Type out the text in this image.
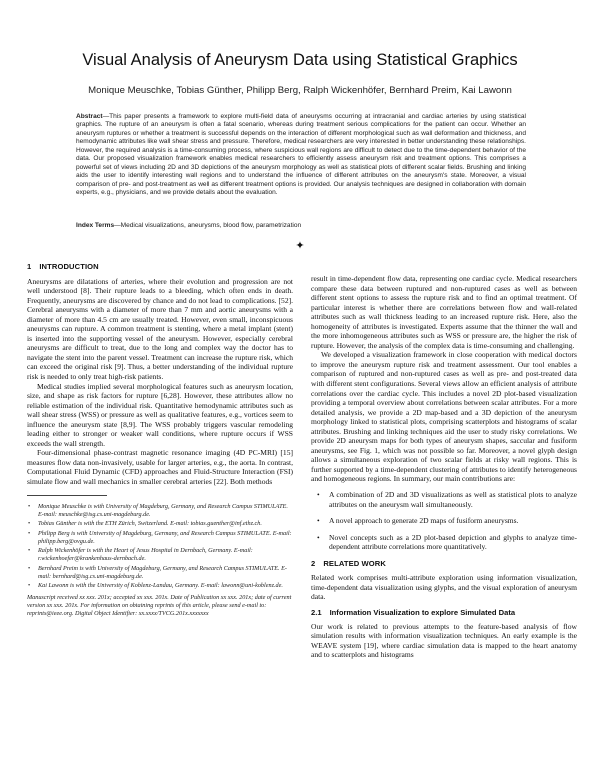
Visual Analysis of Aneurysm Data using Statistical Graphics
Monique Meuschke, Tobias Günther, Philipp Berg, Ralph Wickenhöfer, Bernhard Preim, Kai Lawonn
Abstract—This paper presents a framework to explore multi-field data of aneurysms occurring at intracranial and cardiac arteries by using statistical graphics. The rupture of an aneurysm is often a fatal scenario, whereas during treatment serious complications for the patient can occur. Whether an aneurysm ruptures or whether a treatment is successful depends on the interaction of different morphological such as wall deformation and thickness, and hemodynamic attributes like wall shear stress and pressure. Therefore, medical researchers are very interested in better understanding these relationships. However, the required analysis is a time-consuming process, where suspicious wall regions are difficult to detect due to the time-dependent behavior of the data. Our proposed visualization framework enables medical researchers to efficiently assess aneurysm risk and treatment options. This comprises a powerful set of views including 2D and 3D depictions of the aneurysm morphology as well as statistical plots of different scalar fields. Brushing and linking aids the user to identify interesting wall regions and to understand the influence of different attributes on the aneurysm's state. Moreover, a visual comparison of pre- and post-treatment as well as different treatment options is provided. Our analysis techniques are designed in collaboration with domain experts, e.g., physicians, and we provide details about the evaluation.
Index Terms—Medical visualizations, aneurysms, blood flow, parametrization
✦
1 INTRODUCTION

Aneurysms are dilatations of arteries, where their evolution and progression are not well understood [8]. Their rupture leads to a bleeding, which often ends in death. Frequently, aneurysms are discovered by chance and do not lead to complications. [52]. Cerebral aneurysms with a diameter of more than 7 mm and aortic aneurysms with a diameter of more than 4.5 cm are usually treated. However, even small, inconspicuous aneurysms can rupture. A common treatment is stenting, where a metal implant (stent) is inserted into the supporting vessel of the aneurysm. However, especially cerebral aneurysms are difficult to treat, due to the long and complex way the doctor has to navigate the stent into the parent vessel. Treatment can increase the rupture risk, which can exceed the original risk [9]. Thus, a better understanding of the individual rupture risk is needed to only treat high-risk patients.

Medical studies implied several morphological features such as aneurysm location, size, and shape as risk factors for rupture [6,28]. However, these attributes allow no reliable estimation of the individual risk. Quantitative hemodynamic attributes such as wall shear stress (WSS) or pressure as well as qualitative features, e.g., vortices seem to influence the aneurysm state [8,9]. The WSS probably triggers vascular remodeling leading either to stronger or weaker wall conditions, where rupture occurs if WSS exceeds the wall strength.

Four-dimensional phase-contrast magnetic resonance imaging (4D PC-MRI) [15] measures flow data non-invasively, usable for larger arteries, e.g., the aorta. In contrast, Computational Fluid Dynamic (CFD) approaches and Fluid-Structure Interaction (FSI) simulate flow and wall mechanics in smaller cerebral arteries [22]. Both methods

• Monique Meuschke is with University of Magdeburg, Germany, and Research Campus STIMULATE. E-mail: meuschke@isg.cs.uni-magdeburg.de.
• Tobias Günther is with the ETH Zürich, Switzerland. E-mail: tobias.guenther@inf.ethz.ch.
• Philipp Berg is with University of Magdeburg, Germany, and Research Campus STIMULATE. E-mail: philipp.berg@ovgu.de.
• Ralph Wickenhöfer is with the Heart of Jesus Hospital in Dernbach, Germany. E-mail: r.wickenhoefer@krankenhaus-dernbach.de.
• Bernhard Preim is with University of Magdeburg, Germany, and Research Campus STIMULATE. E-mail: bernhard@isg.cs.uni-magdeburg.de.
• Kai Lawonn is with the University of Koblenz-Landau, Germany. E-mail: lawonn@uni-koblenz.de.
Manuscript received xx xxx. 201x; accepted xx xxx. 201x. Date of Publication xx xxx. 201x; date of current version xx xxx. 201x. For information on obtaining reprints of this article, please send e-mail to: reprints@ieee.org. Digital Object Identifier: xx.xxxx/TVCG.201x.xxxxxxx

result in time-dependent flow data, representing one cardiac cycle. Medical researchers compare these data between ruptured and non-ruptured cases as well as between different stent options to assess the rupture risk and to find an optimal treatment. Of particular interest is whether there are correlations between flow and wall-related attributes such as wall thickness leading to an increased rupture risk. Here, also the homogeneity of attributes is investigated. Experts assume that the thinner the wall and the more inhomogeneous attributes such as WSS or pressure are, the higher the risk of rupture. However, the analysis of the complex data is time-consuming and challenging.

We developed a visualization framework in close cooperation with medical doctors to improve the aneurysm rupture risk and treatment assessment. Our tool enables a comparison of ruptured and non-ruptured cases as well as pre- and post-treated data with different stent configurations. Several views allow an efficient analysis of attribute correlations over the cardiac cycle. This includes a novel 2D plot-based visualization providing a temporal overview about correlations between scalar attributes. For a more detailed analysis, we provide a 2D map-based and a 3D depiction of the aneurysm morphology linked to statistical plots, comprising scatterplots and histograms of scalar attributes. Brushing and linking techniques aid the user to study risky correlations. We provide 2D aneurysm maps for both types of aneurysm shapes, saccular and fusiform aneurysms, see Fig. 1, which was not possible so far. Moreover, a novel glyph design allows a simultaneous exploration of two scalar fields at risky wall regions. This is further supported by a time-dependent clustering of attributes to identify heterogeneous and homogeneous regions. In summary, our main contributions are:

• A combination of 2D and 3D visualizations as well as statistical plots to analyze attributes on the aneurysm wall simultaneously.
• A novel approach to generate 2D maps of fusiform aneurysms.
• Novel concepts such as a 2D plot-based depiction and glyphs to analyze time-dependent attribute correlations more quantitatively.
2 RELATED WORK

Related work comprises multi-attribute exploration using information visualization, time-dependent data visualization using glyphs, and the visual exploration of aneurysm data.

2.1 Information Visualization to explore Simulated Data

Our work is related to previous attempts to the feature-based analysis of flow simulation results with information visualization techniques. An early example is the WEAVE system [19], where cardiac simulation data is mapped to the heart anatomy and to scatterplots and histograms
